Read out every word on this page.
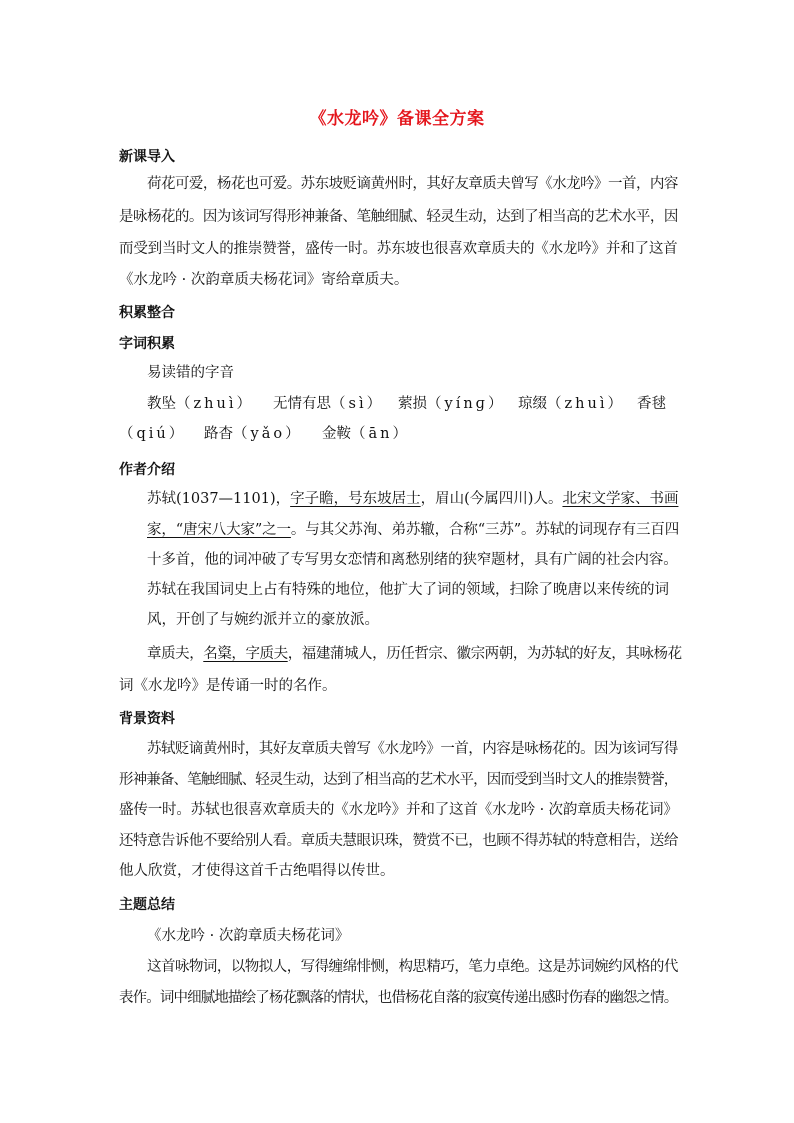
《水龙吟》备课全方案
新课导入
荷花可爱，杨花也可爱。苏东坡贬谪黄州时，其好友章质夫曾写《水龙吟》一首，内容
是咏杨花的。因为该词写得形神兼备、笔触细腻、轻灵生动，达到了相当高的艺术水平，因
而受到当时文人的推崇赞誉，盛传一时。苏东坡也很喜欢章质夫的《水龙吟》并和了这首
《水龙吟 · 次韵章质夫杨花词》寄给章质夫。
积累整合
字词积累
易读错的字音
教坠（zhuì） 无情有思（sì） 萦损（yínɡ） 琼缀（zhuì） 香毬
（qiú） 路杳（yǎo） 金鞍（ān）
作者介绍
苏轼(1037—1101)，字子瞻，号东坡居士，眉山(今属四川)人。北宋文学家、书画
家，“唐宋八大家”之一。与其父苏洵、弟苏辙，合称“三苏”。苏轼的词现存有三百四
十多首，他的词冲破了专写男女恋情和离愁别绪的狭窄题材，具有广阔的社会内容。
苏轼在我国词史上占有特殊的地位，他扩大了词的领域，扫除了晚唐以来传统的词
风，开创了与婉约派并立的豪放派。
章质夫，名楶，字质夫，福建蒲城人，历任哲宗、徽宗两朝，为苏轼的好友，其咏杨花
词《水龙吟》是传诵一时的名作。
背景资料
苏轼贬谪黄州时，其好友章质夫曾写《水龙吟》一首，内容是咏杨花的。因为该词写得
形神兼备、笔触细腻、轻灵生动，达到了相当高的艺术水平，因而受到当时文人的推崇赞誉，
盛传一时。苏轼也很喜欢章质夫的《水龙吟》并和了这首《水龙吟 · 次韵章质夫杨花词》
还特意告诉他不要给别人看。章质夫慧眼识珠，赞赏不已，也顾不得苏轼的特意相告，送给
他人欣赏，才使得这首千古绝唱得以传世。
主题总结
《水龙吟 · 次韵章质夫杨花词》
这首咏物词，以物拟人，写得缠绵悱恻，构思精巧，笔力卓绝。这是苏词婉约风格的代
表作。词中细腻地描绘了杨花飘落的情状，也借杨花自落的寂寞传递出感时伤春的幽怨之情。
